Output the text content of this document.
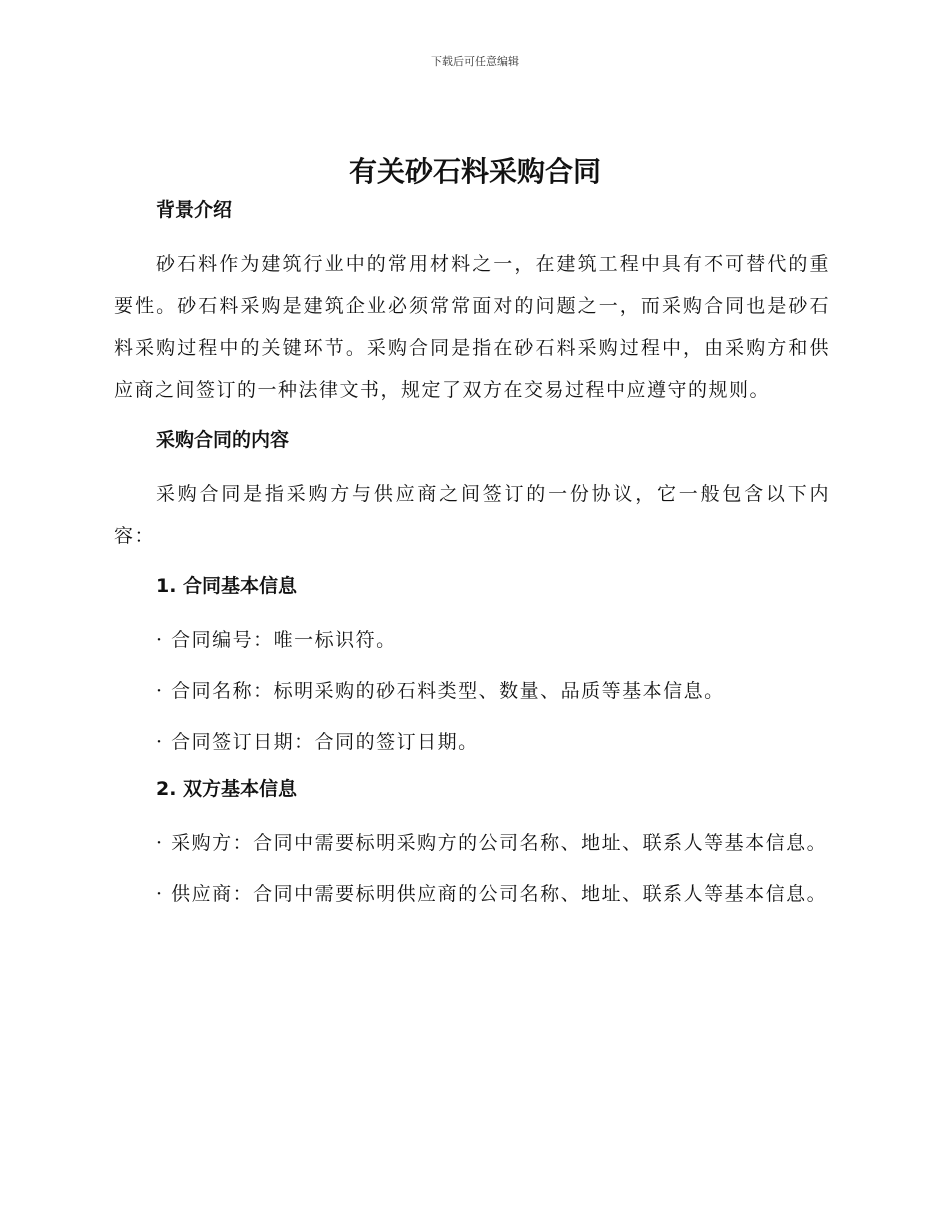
下载后可任意编辑
有关砂石料采购合同

背景介绍

砂石料作为建筑行业中的常用材料之一，在建筑工程中具有不可替代的重要性。砂石料采购是建筑企业必须常常面对的问题之一，而采购合同也是砂石料采购过程中的关键环节。采购合同是指在砂石料采购过程中，由采购方和供应商之间签订的一种法律文书，规定了双方在交易过程中应遵守的规则。

采购合同的内容

采购合同是指采购方与供应商之间签订的一份协议，它一般包含以下内容：

1. 合同基本信息

· 合同编号：唯一标识符。

· 合同名称：标明采购的砂石料类型、数量、品质等基本信息。

· 合同签订日期：合同的签订日期。

2. 双方基本信息

· 采购方：合同中需要标明采购方的公司名称、地址、联系人等基本信息。

· 供应商：合同中需要标明供应商的公司名称、地址、联系人等基本信息。
